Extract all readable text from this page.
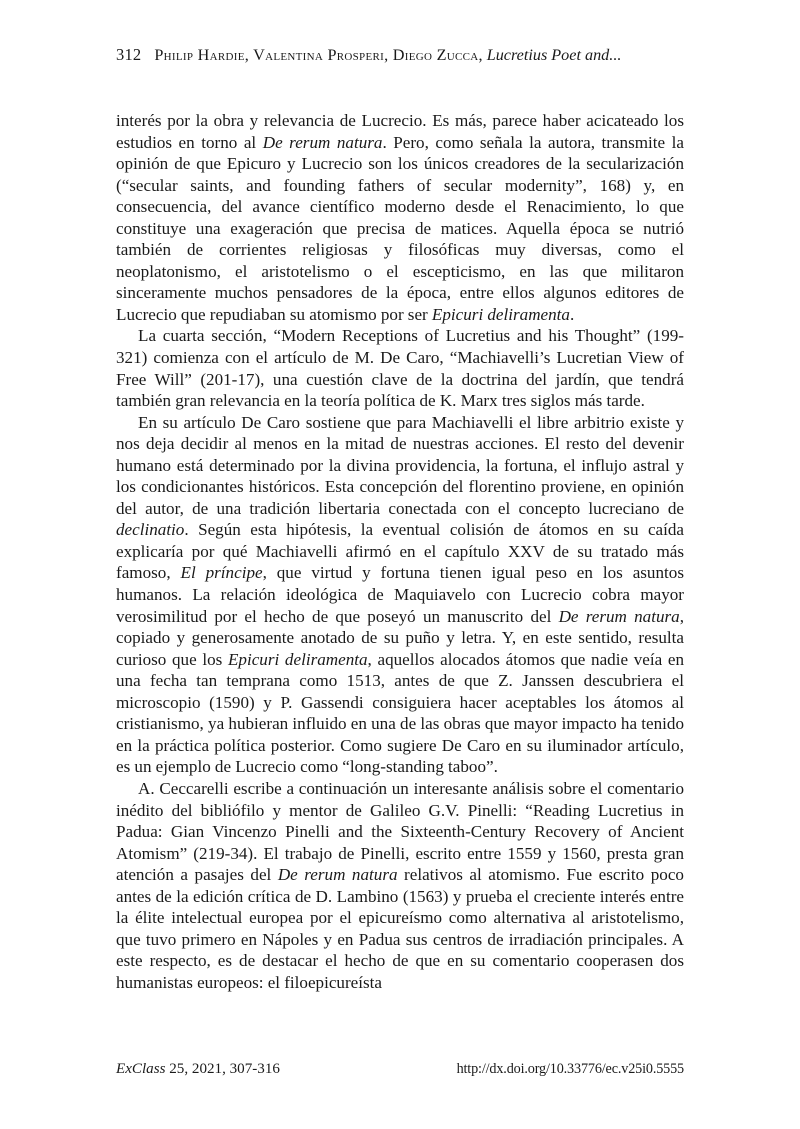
312 Philip Hardie, Valentina Prosperi, Diego Zucca, Lucretius Poet and...

interés por la obra y relevancia de Lucrecio. Es más, parece haber acicateado los estudios en torno al De rerum natura. Pero, como señala la autora, transmite la opinión de que Epicuro y Lucrecio son los únicos creadores de la secularización (“secular saints, and founding fathers of secular modernity”, 168) y, en consecuencia, del avance científico moderno desde el Renacimiento, lo que constituye una exageración que precisa de matices. Aquella época se nutrió también de corrientes religiosas y filosóficas muy diversas, como el neoplatonismo, el aristotelismo o el escepticismo, en las que militaron sinceramente muchos pensadores de la época, entre ellos algunos editores de Lucrecio que repudiaban su atomismo por ser Epicuri deliramenta.

La cuarta sección, “Modern Receptions of Lucretius and his Thought” (199-321) comienza con el artículo de M. De Caro, “Machiavelli’s Lucretian View of Free Will” (201-17), una cuestión clave de la doctrina del jardín, que tendrá también gran relevancia en la teoría política de K. Marx tres siglos más tarde.

En su artículo De Caro sostiene que para Machiavelli el libre arbitrio existe y nos deja decidir al menos en la mitad de nuestras acciones. El resto del devenir humano está determinado por la divina providencia, la fortuna, el influjo astral y los condicionantes históricos. Esta concepción del florentino proviene, en opinión del autor, de una tradición libertaria conectada con el concepto lucreciano de declinatio. Según esta hipótesis, la eventual colisión de átomos en su caída explicaría por qué Machiavelli afirmó en el capítulo XXV de su tratado más famoso, El príncipe, que virtud y fortuna tienen igual peso en los asuntos humanos. La relación ideológica de Maquiavelo con Lucrecio cobra mayor verosimilitud por el hecho de que poseyó un manuscrito del De rerum natura, copiado y generosamente anotado de su puño y letra. Y, en este sentido, resulta curioso que los Epicuri deliramenta, aquellos alocados átomos que nadie veía en una fecha tan temprana como 1513, antes de que Z. Janssen descubriera el microscopio (1590) y P. Gassendi consiguiera hacer aceptables los átomos al cristianismo, ya hubieran influido en una de las obras que mayor impacto ha tenido en la práctica política posterior. Como sugiere De Caro en su iluminador artículo, es un ejemplo de Lucrecio como “long-standing taboo”.

A. Ceccarelli escribe a continuación un interesante análisis sobre el comentario inédito del bibliófilo y mentor de Galileo G.V. Pinelli: “Reading Lucretius in Padua: Gian Vincenzo Pinelli and the Sixteenth-Century Recovery of Ancient Atomism” (219-34). El trabajo de Pinelli, escrito entre 1559 y 1560, presta gran atención a pasajes del De rerum natura relativos al atomismo. Fue escrito poco antes de la edición crítica de D. Lambino (1563) y prueba el creciente interés entre la élite intelectual europea por el epicureísmo como alternativa al aristotelismo, que tuvo primero en Nápoles y en Padua sus centros de irradiación principales. A este respecto, es de destacar el hecho de que en su comentario cooperasen dos humanistas europeos: el filoepicureísta

ExClass 25, 2021, 307-316	http://dx.doi.org/10.33776/ec.v25i0.5555
